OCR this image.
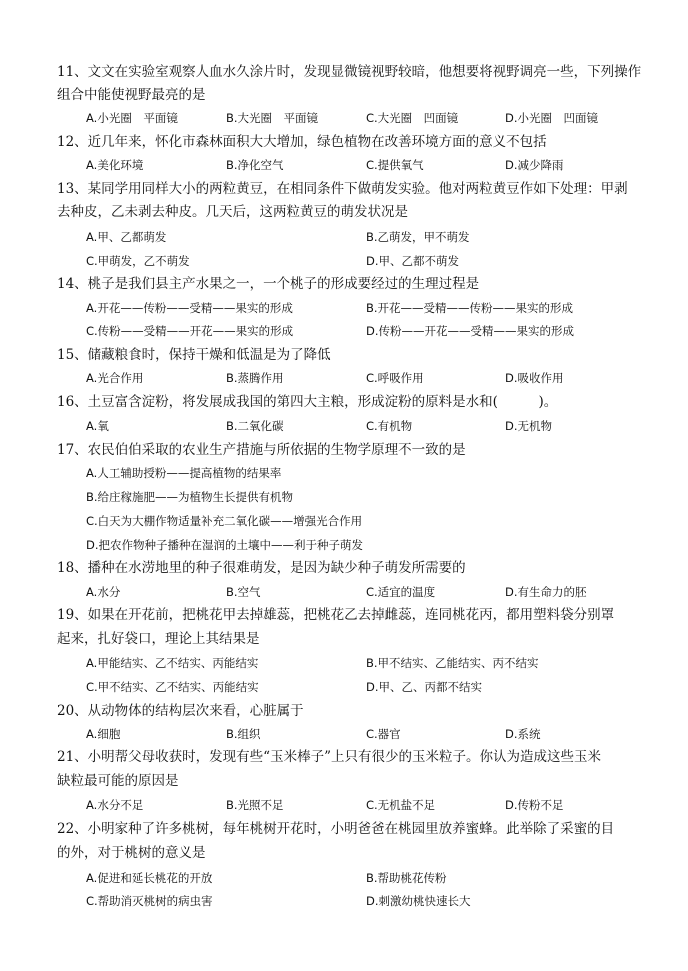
11、文文在实验室观察人血水久涂片时，发现显微镜视野较暗，他想要将视野调亮一些，下列操作
组合中能使视野最亮的是
A.小光圈　平面镜	B.大光圈　平面镜	C.大光圈　凹面镜	D.小光圈　凹面镜
12、近几年来，怀化市森林面积大大增加，绿色植物在改善环境方面的意义不包括
A.美化环境	B.净化空气	C.提供氧气	D.减少降雨
13、某同学用同样大小的两粒黄豆，在相同条件下做萌发实验。他对两粒黄豆作如下处理：甲剥
去种皮，乙未剥去种皮。几天后，这两粒黄豆的萌发状况是
A.甲、乙都萌发	B.乙萌发，甲不萌发
C.甲萌发，乙不萌发	D.甲、乙都不萌发
14、桃子是我们县主产水果之一，一个桃子的形成要经过的生理过程是
A.开花——传粉——受精——果实的形成	B.开花——受精——传粉——果实的形成
C.传粉——受精——开花——果实的形成	D.传粉——开花——受精——果实的形成
15、储藏粮食时，保持干燥和低温是为了降低
A.光合作用	B.蒸腾作用	C.呼吸作用	D.吸收作用
16、土豆富含淀粉，将发展成我国的第四大主粮，形成淀粉的原料是水和(　　　)。
A.氧	B.二氧化碳	C.有机物	D.无机物
17、农民伯伯采取的农业生产措施与所依据的生物学原理不一致的是
A.人工辅助授粉——提高植物的结果率
B.给庄稼施肥——为植物生长提供有机物
C.白天为大棚作物适量补充二氧化碳——增强光合作用
D.把农作物种子播种在湿润的土壤中——利于种子萌发
18、播种在水涝地里的种子很难萌发，是因为缺少种子萌发所需要的
A.水分	B.空气	C.适宜的温度	D.有生命力的胚
19、如果在开花前，把桃花甲去掉雄蕊，把桃花乙去掉雌蕊，连同桃花丙，都用塑料袋分别罩
起来，扎好袋口，理论上其结果是
A.甲能结实、乙不结实、丙能结实	B.甲不结实、乙能结实、丙不结实
C.甲不结实、乙不结实、丙能结实	D.甲、乙、丙都不结实
20、从动物体的结构层次来看，心脏属于
A.细胞	B.组织	C.器官	D.系统
21、小明帮父母收获时，发现有些“玉米棒子”上只有很少的玉米粒子。你认为造成这些玉米
缺粒最可能的原因是
A.水分不足	B.光照不足	C.无机盐不足	D.传粉不足
22、小明家种了许多桃树，每年桃树开花时，小明爸爸在桃园里放养蜜蜂。此举除了采蜜的目
的外，对于桃树的意义是
A.促进和延长桃花的开放	B.帮助桃花传粉
C.帮助消灭桃树的病虫害	D.刺激幼桃快速长大
